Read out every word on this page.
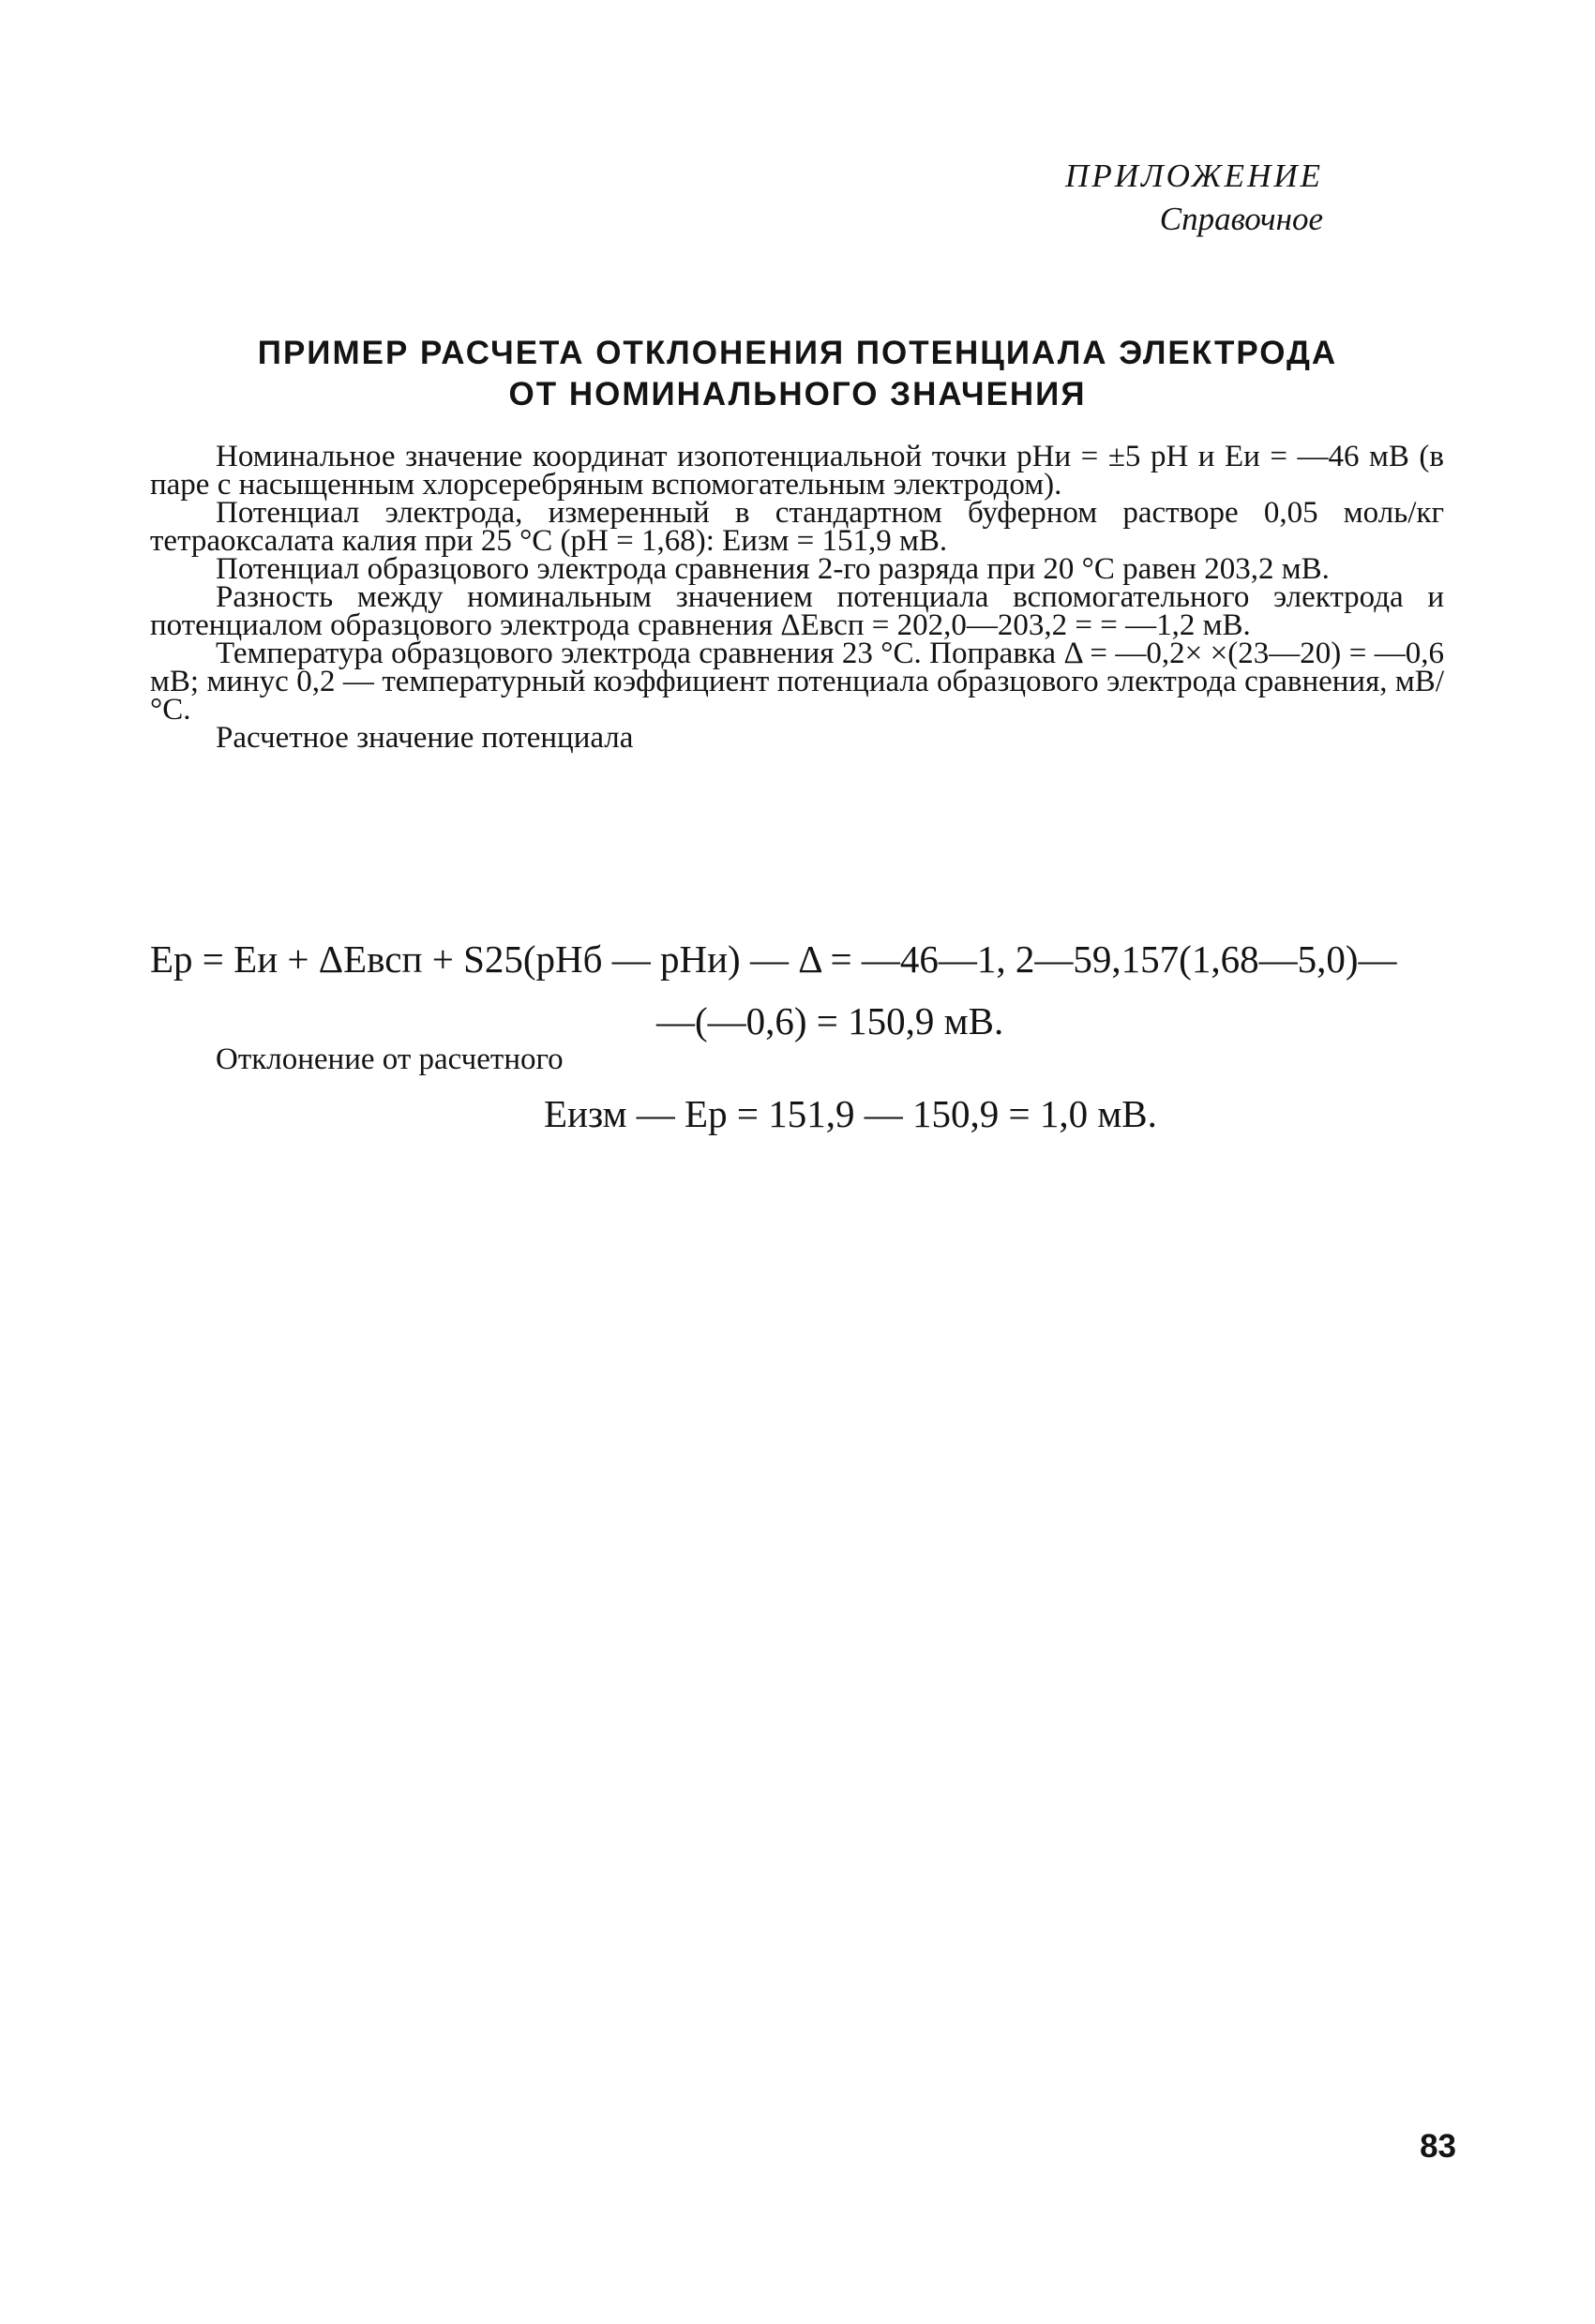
ПРИЛОЖЕНИЕ
Справочное
ПРИМЕР РАСЧЕТА ОТКЛОНЕНИЯ ПОТЕНЦИАЛА ЭЛЕКТРОДА
ОТ НОМИНАЛЬНОГО ЗНАЧЕНИЯ

Номинальное значение координат изопотенциальной точки pHи = ±5 pH и Eи = —46 мВ (в паре с насыщенным хлорсеребряным вспомогательным электродом).

Потенциал электрода, измеренный в стандартном буферном растворе 0,05 моль/кг тетраоксалата калия при 25 °С (pH = 1,68): Eизм = 151,9 мВ.

Потенциал образцового электрода сравнения 2-го разряда при 20 °С равен 203,2 мВ.

Разность между номинальным значением потенциала вспомогательного электрода и потенциалом образцового электрода сравнения ΔEвсп = 202,0—203,2 = = —1,2 мВ.

Температура образцового электрода сравнения 23 °С. Поправка Δ = —0,2× ×(23—20) = —0,6 мВ; минус 0,2 — температурный коэффициент потенциала образцового электрода сравнения, мВ/°С.

Расчетное значение потенциала

Eр = Eи + ΔEвсп + S25(pHб — pHи) — Δ = —46—1, 2—59,157(1,68—5,0)—
—(—0,6) = 150,9 мВ.
Отклонение от расчетного
Eизм — Eр = 151,9 — 150,9 = 1,0 мВ.
83
